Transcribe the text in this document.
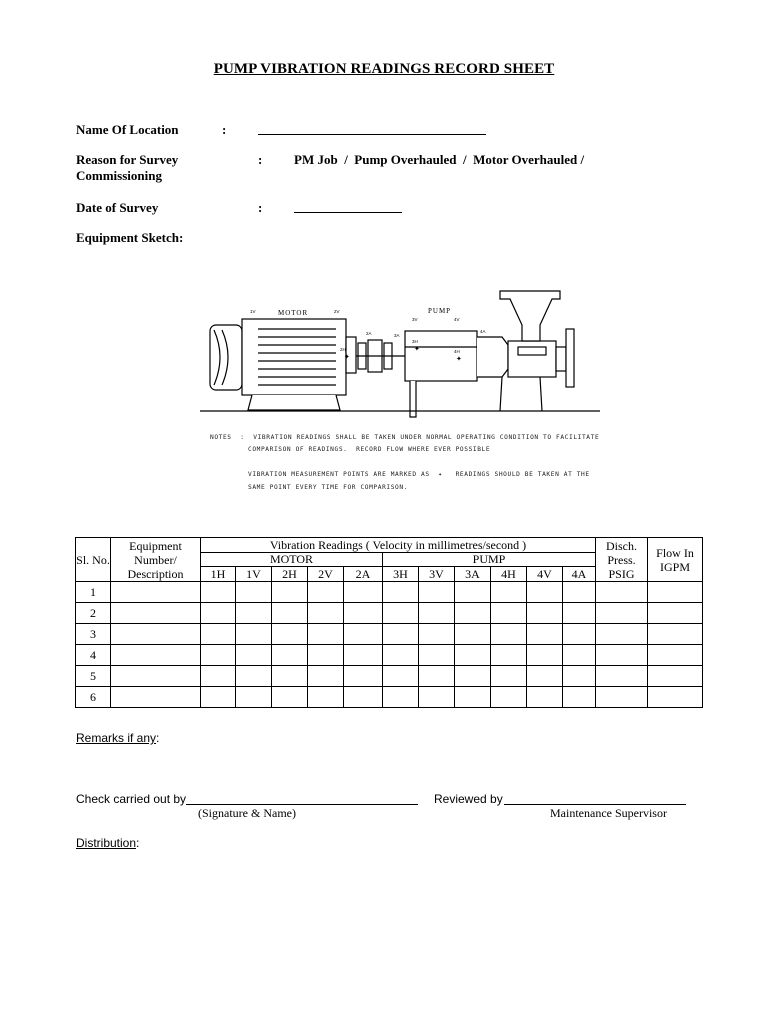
PUMP VIBRATION READINGS RECORD SHEET
Name Of Location	:
Reason for Survey
Commissioning
: PM Job  /  Pump Overhauled  /  Motor Overhauled /
Date of Survey	:
Equipment Sketch:
MOTOR	PUMP
1V	2V
2A
2H
3V	4V
3H
4H
3A
4A
✦
✦
✦
NOTES  : VIBRATION READINGS SHALL BE TAKEN UNDER NORMAL OPERATING CONDITION TO FACILITATE
COMPARISON OF READINGS.  RECORD FLOW WHERE EVER POSSIBLE
VIBRATION MEASUREMENT POINTS ARE MARKED AS  ✦   READINGS SHOULD BE TAKEN AT THE
SAME POINT EVERY TIME FOR COMPARISON.
Sl. No.	Equipment Number/ Description	Vibration Readings ( Velocity in millimetres/second )											Disch. Press. PSIG	Flow In IGPM
		MOTOR					PUMP							
		1H	1V	2H	2V	2A	3H	3V	3A	4H	4V	4A		
1														
2														
3														
4														
5														
6														
Remarks if any:
Check carried out by	Reviewed by
(Signature & Name)	Maintenance Supervisor
Distribution:
